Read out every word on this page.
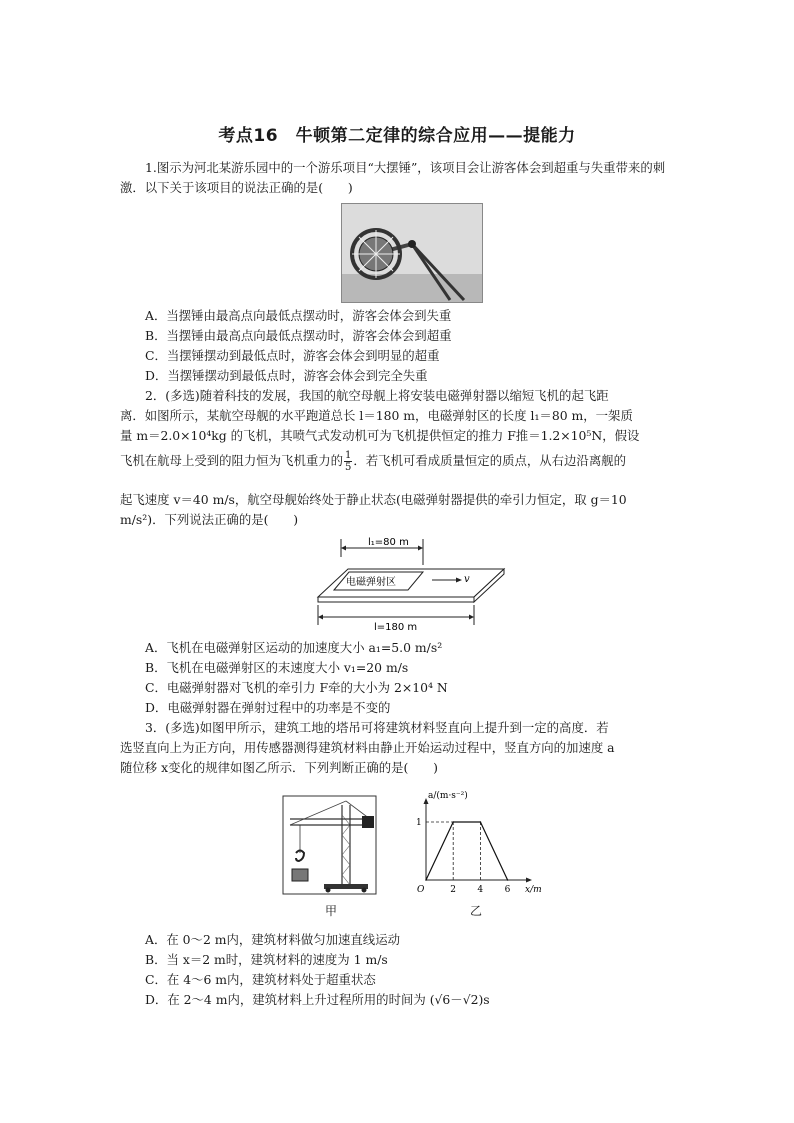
考点16　牛顿第二定律的综合应用——提能力
1.图示为河北某游乐园中的一个游乐项目“大摆锤”，该项目会让游客体会到超重与失重带来的刺激．以下关于该项目的说法正确的是(　　)
A．当摆锤由最高点向最低点摆动时，游客会体会到失重
B．当摆锤由最高点向最低点摆动时，游客会体会到超重
C．当摆锤摆动到最低点时，游客会体会到明显的超重
D．当摆锤摆动到最低点时，游客会体会到完全失重
2．(多选)随着科技的发展，我国的航空母舰上将安装电磁弹射器以缩短飞机的起飞距
离．如图所示，某航空母舰的水平跑道总长 l＝180 m，电磁弹射区的长度 l₁＝80 m，一架质
量 m＝2.0×10⁴kg 的飞机，其喷气式发动机可为飞机提供恒定的推力 F推＝1.2×10⁵N，假设
飞机在航母上受到的阻力恒为飞机重力的 $\frac{1}{5}$ ．若飞机可看成质量恒定的质点，从右边沿离舰的
起飞速度 v＝40 m/s，航空母舰始终处于静止状态(电磁弹射器提供的牵引力恒定，取 g＝10
m/s²)．下列说法正确的是(　　)
l₁=80 m
电磁弹射区	v
l=180 m
A．飞机在电磁弹射区运动的加速度大小 a₁=5.0 m/s²
B．飞机在电磁弹射区的末速度大小 v₁=20 m/s
C．电磁弹射器对飞机的牵引力 F牵的大小为 2×10⁴ N
D．电磁弹射器在弹射过程中的功率是不变的
3．(多选)如图甲所示，建筑工地的塔吊可将建筑材料竖直向上提升到一定的高度．若
选竖直向上为正方向，用传感器测得建筑材料由静止开始运动过程中，竖直方向的加速度 a
随位移 x变化的规律如图乙所示．下列判断正确的是(　　)
甲
x/m
a/(m·s⁻²)
O	2 4 6
1
乙
A．在 0～2 m内，建筑材料做匀加速直线运动
B．当 x＝2 m时，建筑材料的速度为 1 m/s
C．在 4～6 m内，建筑材料处于超重状态
D．在 2～4 m内，建筑材料上升过程所用的时间为 (√6－√2)s
